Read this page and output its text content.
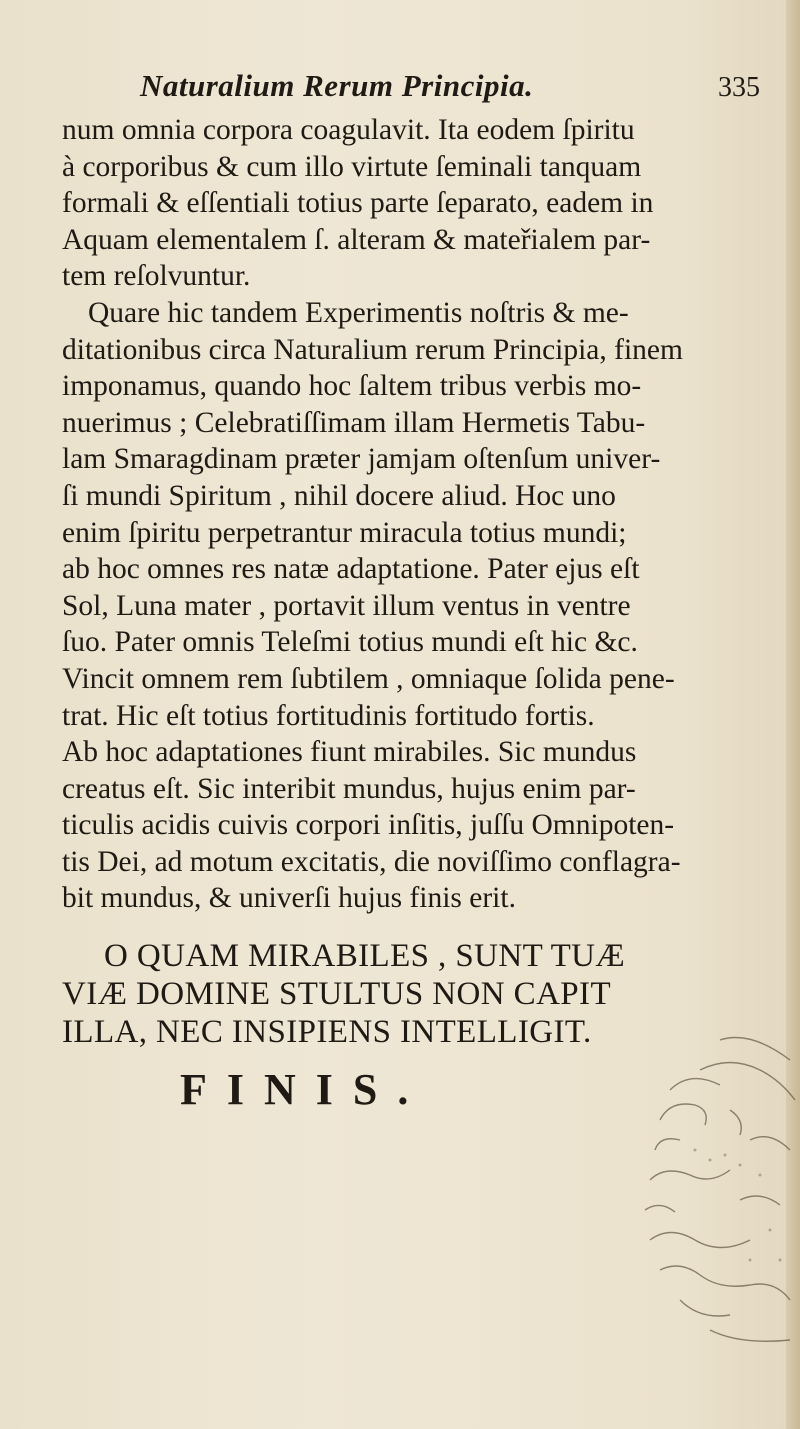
Naturalium Rerum Principia.	335
num omnia corpora coagulavit. Ita eodem ſpiritu
à corporibus & cum illo virtute ſeminali tanquam
formali & eſſentiali totius parte ſeparato, eadem in
Aquam elementalem ſ. alteram & mateřialem par-
tem reſolvuntur.
Quare hic tandem Experimentis noſtris & me-
ditationibus circa Naturalium rerum Principia, finem
imponamus, quando hoc ſaltem tribus verbis mo-
nuerimus ; Celebratiſſimam illam Hermetis Tabu-
lam Smaragdinam præter jamjam oſtenſum univer-
ſi mundi Spiritum , nihil docere aliud. Hoc uno
enim ſpiritu perpetrantur miracula totius mundi;
ab hoc omnes res natæ adaptatione. Pater ejus eſt
Sol, Luna mater , portavit illum ventus in ventre
ſuo. Pater omnis Teleſmi totius mundi eſt hic &c.
Vincit omnem rem ſubtilem , omniaque ſolida pene-
trat. Hic eſt totius fortitudinis fortitudo fortis.
Ab hoc adaptationes fiunt mirabiles. Sic mundus
creatus eſt. Sic interibit mundus, hujus enim par-
ticulis acidis cuivis corpori inſitis, juſſu Omnipoten-
tis Dei, ad motum excitatis, die noviſſimo conflagra-
bit mundus, & univerſi hujus finis erit.
O QUAM MIRABILES , SUNT TUÆ
VIÆ DOMINE STULTUS NON CAPIT
ILLA, NEC INSIPIENS INTELLIGIT.
FINIS.
